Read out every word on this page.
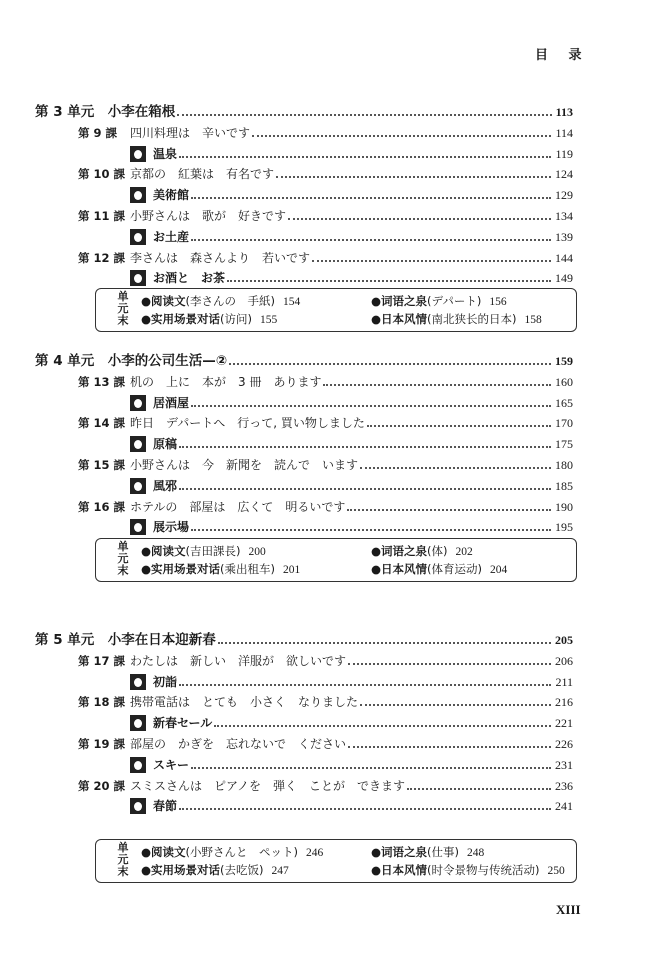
目 录
第 3 单元　小李在箱根	113
第 9 課	四川料理は　辛いです	114
温泉	119
第 10 課 京都の　紅葉は　有名です	124
美術館	129
第 11 課 小野さんは　歌が　好きです	134
お土産	139
第 12 課 李さんは　森さんより　若いです	144
お酒と　お茶	149
单元末
●阅读文(李さんの　手紙) 154	●词语之泉(デパート) 156
●实用场景对话(访问) 155	●日本风情(南北狭长的日本) 158
第 4 单元　小李的公司生活—②	159
第 13 課 机の　上に　本が　3 冊　あります	160
居酒屋	165
第 14 課 昨日　デパートへ　行って, 買い物しました	170
原稿	175
第 15 課 小野さんは　今　新聞を　読んで　います	180
風邪	185
第 16 課 ホテルの　部屋は　広くて　明るいです	190
展示場	195
单元末
●阅读文(吉田課長) 200	●词语之泉(体) 202
●实用场景对话(乘出租车) 201	●日本风情(体育运动) 204
第 5 单元　小李在日本迎新春	205
第 17 課 わたしは　新しい　洋服が　欲しいです	206
初詣	211
第 18 課 携帯電話は　とても　小さく　なりました	216
新春セール	221
第 19 課 部屋の　かぎを　忘れないで　ください	226
スキー	231
第 20 課 スミスさんは　ピアノを　弾く　ことが　できます	236
春節	241
单元末
●阅读文(小野さんと　ペット) 246	●词语之泉(仕事) 248
●实用场景对话(去吃饭) 247	●日本风情(时令景物与传统活动) 250
XIII
